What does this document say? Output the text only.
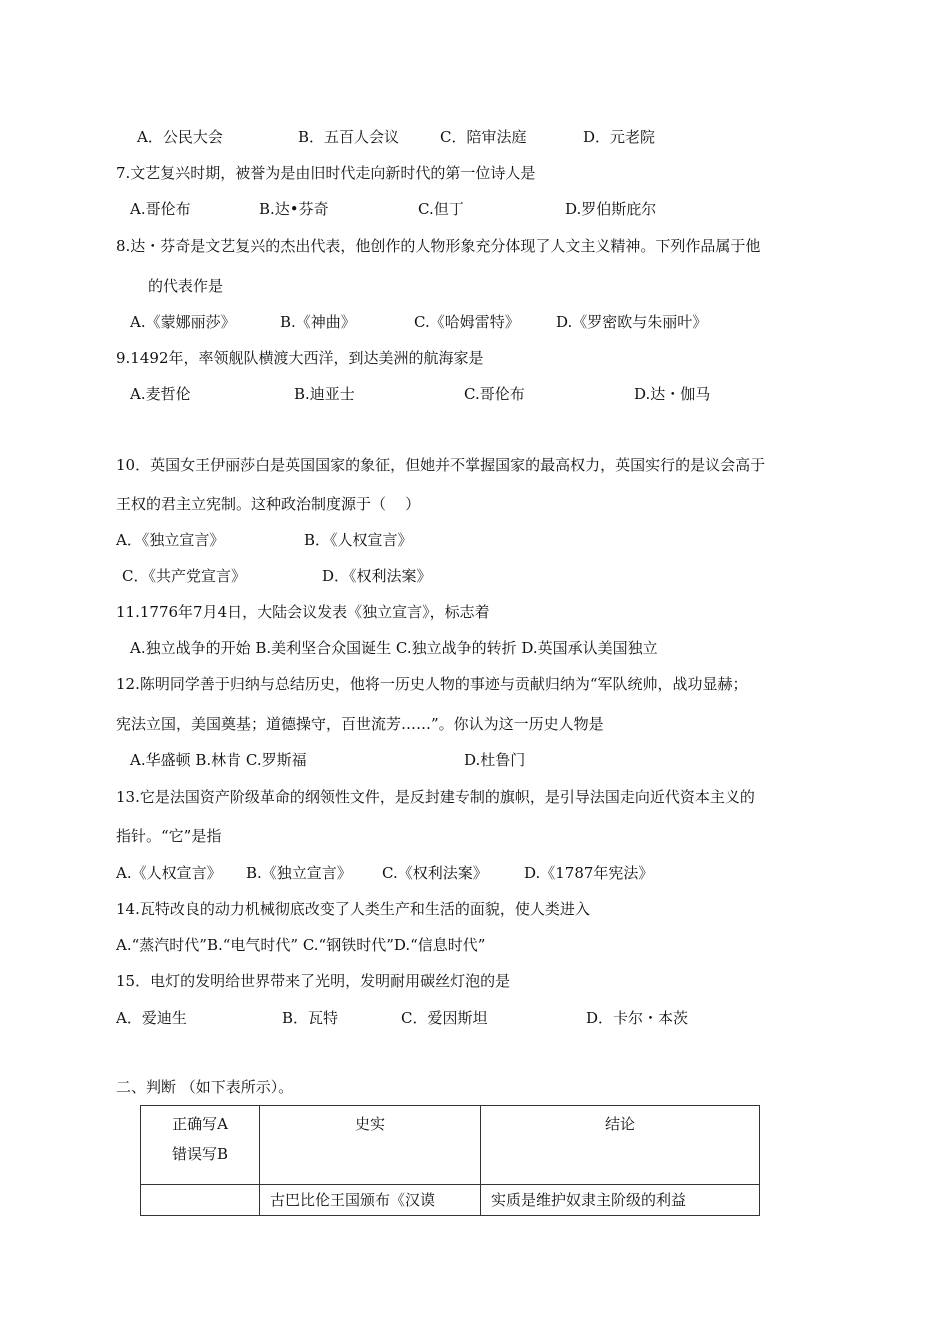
A．公民大会	B．五百人会议	C．陪审法庭	D．元老院
7.文艺复兴时期，被誉为是由旧时代走向新时代的第一位诗人是
A.哥伦布	B.达•芬奇	C.但丁	D.罗伯斯庇尔
8.达・芬奇是文艺复兴的杰出代表，他创作的人物形象充分体现了人文主义精神。下列作品属于他
的代表作是
A.《蒙娜丽莎》	B.《神曲》	C.《哈姆雷特》 D.《罗密欧与朱丽叶》
9.1492年，率领舰队横渡大西洋，到达美洲的航海家是
A.麦哲伦	B.迪亚士	C.哥伦布	D.达・伽马
10．英国女王伊丽莎白是英国国家的象征，但她并不掌握国家的最高权力，英国实行的是议会高于
王权的君主立宪制。这种政治制度源于（    ）
A．《独立宣言》	B．《人权宣言》
C．《共产党宣言》	D．《权利法案》
11.1776年7月4日，大陆会议发表《独立宣言》，标志着
A.独立战争的开始 B.美利坚合众国诞生 C.独立战争的转折 D.英国承认美国独立
12.陈明同学善于归纳与总结历史，他将一历史人物的事迹与贡献归纳为“军队统帅，战功显赫；
宪法立国，美国奠基；道德操守，百世流芳……”。你认为这一历史人物是
A.华盛顿 B.林肯 C.罗斯福	D.杜鲁门
13.它是法国资产阶级革命的纲领性文件，是反封建专制的旗帜，是引导法国走向近代资本主义的
指针。“它”是指
A.《人权宣言》 B.《独立宣言》 C.《权利法案》 D.《1787年宪法》
14.瓦特改良的动力机械彻底改变了人类生产和生活的面貌，使人类进入
A.“蒸汽时代”B.“电气时代” C.“钢铁时代”D.“信息时代”
15．电灯的发明给世界带来了光明，发明耐用碳丝灯泡的是
A．爱迪生	B．瓦特	C．爱因斯坦	D．卡尔・本茨
二、判断 （如下表所示）。
正确写A
错误写B	史实	结论

	古巴比伦王国颁布《汉谟	实质是维护奴隶主阶级的利益
